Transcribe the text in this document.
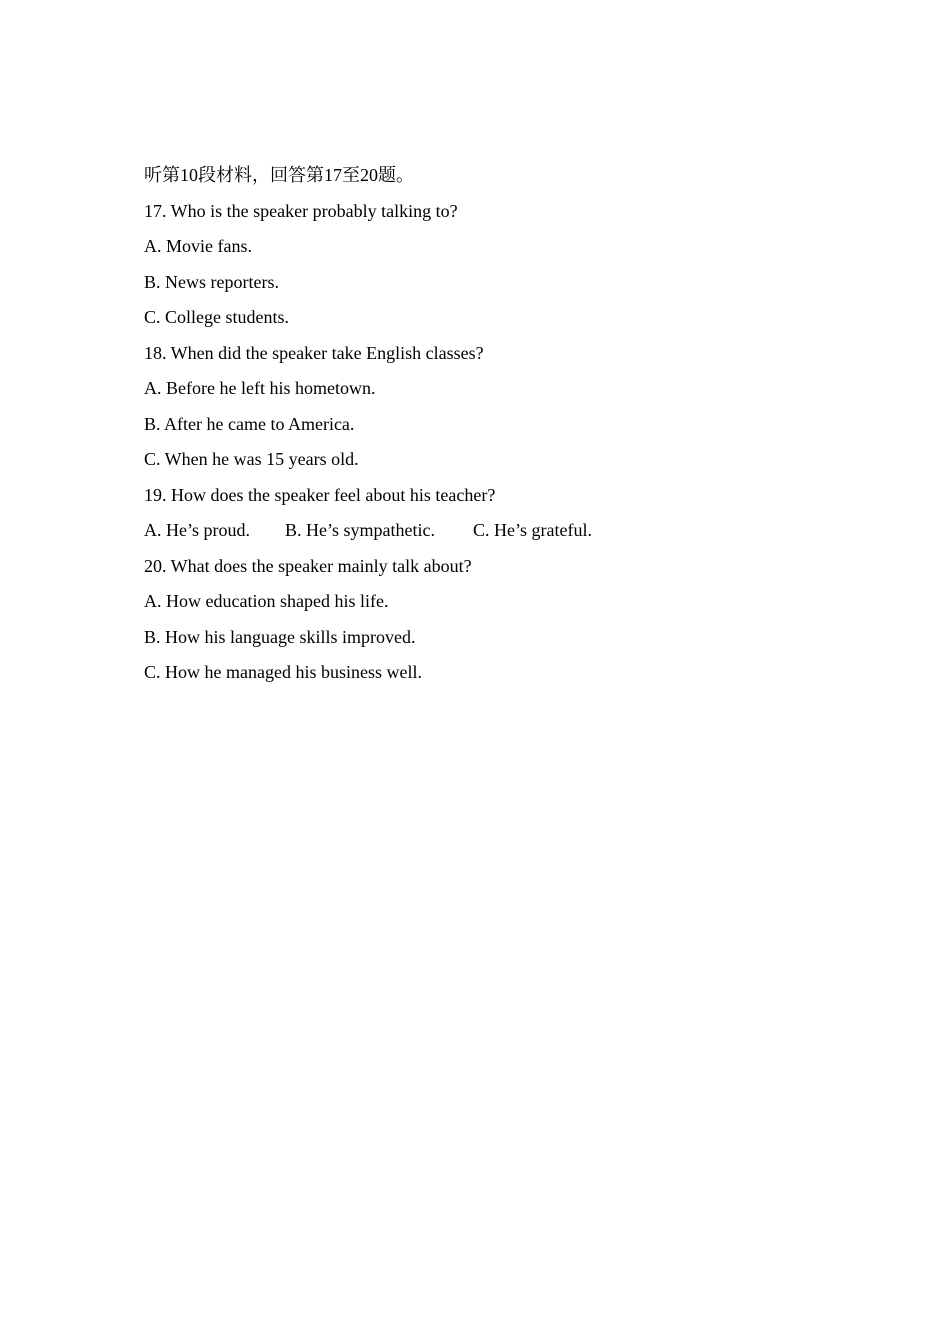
听第10段材料，回答第17至20题。
17. Who is the speaker probably talking to?
A. Movie fans.
B. News reporters.
C. College students.
18. When did the speaker take English classes?
A. Before he left his hometown.
B. After he came to America.
C. When he was 15 years old.
19. How does the speaker feel about his teacher?
A. He’s proud.	B. He’s sympathetic.	C. He’s grateful.
20. What does the speaker mainly talk about?
A. How education shaped his life.
B. How his language skills improved.
C. How he managed his business well.
